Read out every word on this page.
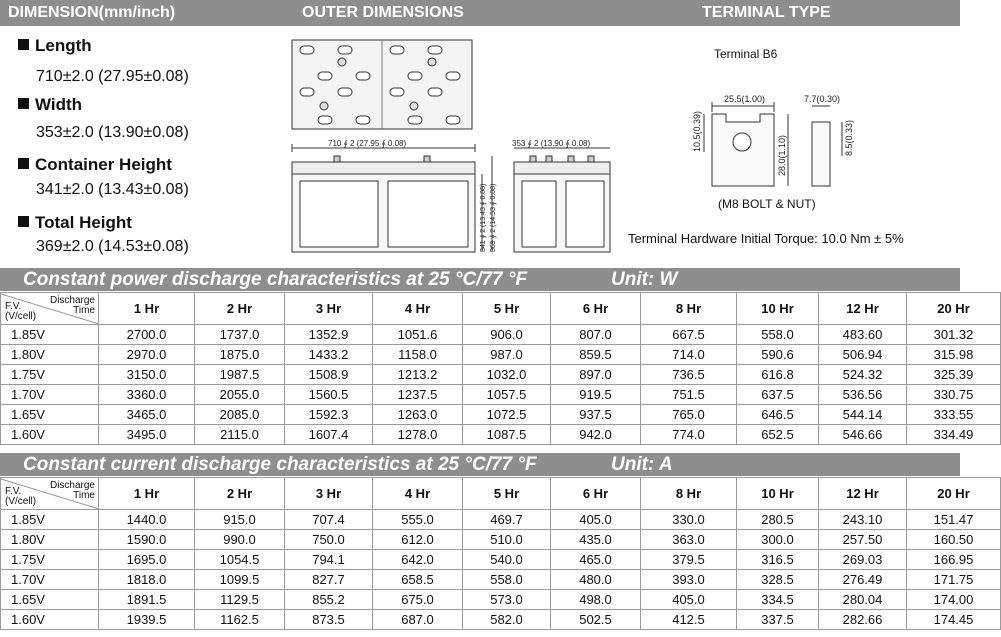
DIMENSION(mm/inch)	OUTER DIMENSIONS	TERMINAL TYPE
Length
710±2.0 (27.95±0.08)
Width
353±2.0 (13.90±0.08)
Container Height
341±2.0 (13.43±0.08)
Total Height
369±2.0 (14.53±0.08)
710 ∮ 2 (27.95 ∮ 0.08)
341 ∮ 2 (13.43 ∮ 0.08) 369 ∮ 2 (14.53 ∮ 0.08)
353 ∮ 2 (13.90 ∮ 0.08)
Terminal B6
25.5(1.00)	7.7(0.30)
10.5(0.39)
28.0(1.10)	8.5(0.33)
(M8 BOLT & NUT)
Terminal Hardware Initial Torque: 10.0 Nm ± 5%
Constant power discharge characteristics at 25 °C/77 °F	Unit: W
Discharge
Time
F.V.
(V/cell)	1 Hr	2 Hr	3 Hr	4 Hr	5 Hr	6 Hr	8 Hr	10 Hr	12 Hr	20 Hr
1.85V	2700.0	1737.0	1352.9	1051.6	906.0	807.0	667.5	558.0	483.60	301.32
1.80V	2970.0	1875.0	1433.2	1158.0	987.0	859.5	714.0	590.6	506.94	315.98
1.75V	3150.0	1987.5	1508.9	1213.2	1032.0	897.0	736.5	616.8	524.32	325.39
1.70V	3360.0	2055.0	1560.5	1237.5	1057.5	919.5	751.5	637.5	536.56	330.75
1.65V	3465.0	2085.0	1592.3	1263.0	1072.5	937.5	765.0	646.5	544.14	333.55
1.60V	3495.0	2115.0	1607.4	1278.0	1087.5	942.0	774.0	652.5	546.66	334.49
Constant current discharge characteristics at 25 °C/77 °F	Unit: A
Discharge
Time
F.V.
(V/cell)	1 Hr	2 Hr	3 Hr	4 Hr	5 Hr	6 Hr	8 Hr	10 Hr	12 Hr	20 Hr
1.85V	1440.0	915.0	707.4	555.0	469.7	405.0	330.0	280.5	243.10	151.47
1.80V	1590.0	990.0	750.0	612.0	510.0	435.0	363.0	300.0	257.50	160.50
1.75V	1695.0	1054.5	794.1	642.0	540.0	465.0	379.5	316.5	269.03	166.95
1.70V	1818.0	1099.5	827.7	658.5	558.0	480.0	393.0	328.5	276.49	171.75
1.65V	1891.5	1129.5	855.2	675.0	573.0	498.0	405.0	334.5	280.04	174.00
1.60V	1939.5	1162.5	873.5	687.0	582.0	502.5	412.5	337.5	282.66	174.45
